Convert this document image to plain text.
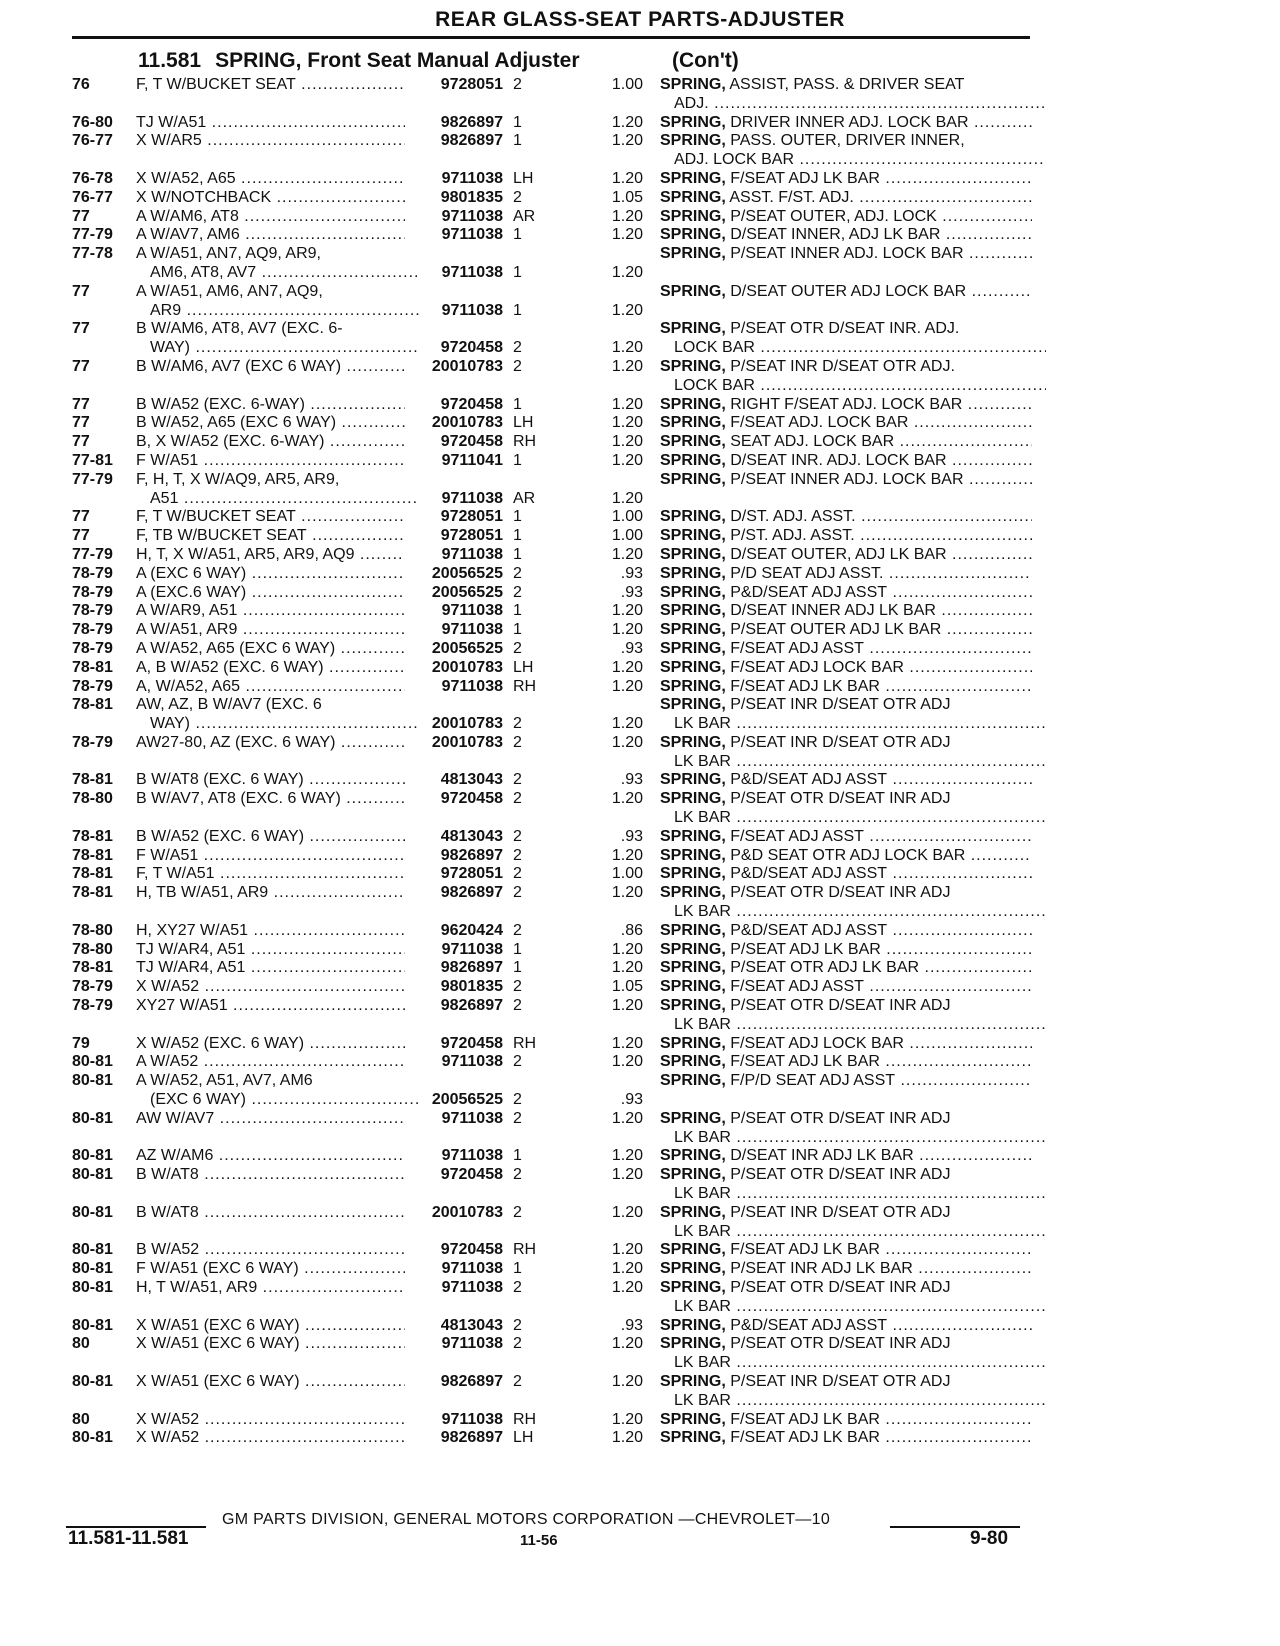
REAR GLASS-SEAT PARTS-ADJUSTER
11.581 SPRING, Front Seat Manual Adjuster	(Con't)
76	F, T W/BUCKET SEAT .....	9728051 2	1.00 SPRING, ASSIST, PASS. & DRIVER SEAT
ADJ. .....
76-80	TJ W/A51 .....	9826897 1	1.20 SPRING, DRIVER INNER ADJ. LOCK BAR .....
76-77	X W/AR5 .....	9826897 1	1.20 SPRING, PASS. OUTER, DRIVER INNER,
ADJ. LOCK BAR .....
76-78	X W/A52, A65 .....	9711038 LH	1.20 SPRING, F/SEAT ADJ LK BAR .....
76-77	X W/NOTCHBACK .....	9801835 2	1.05 SPRING, ASST. F/ST. ADJ. .....
77	A W/AM6, AT8 .....	9711038 AR	1.20 SPRING, P/SEAT OUTER, ADJ. LOCK .....
77-79	A W/AV7, AM6 .....	9711038 1	1.20 SPRING, D/SEAT INNER, ADJ LK BAR .....
77-78	A W/A51, AN7, AQ9, AR9,	SPRING, P/SEAT INNER ADJ. LOCK BAR .....
AM6, AT8, AV7 .....	9711038 1	1.20
77	A W/A51, AM6, AN7, AQ9,	SPRING, D/SEAT OUTER ADJ LOCK BAR .....
AR9 .....	9711038 1	1.20
77	B W/AM6, AT8, AV7 (EXC. 6-	SPRING, P/SEAT OTR D/SEAT INR. ADJ.
WAY) .....	9720458 2	1.20	LOCK BAR .....
77	B W/AM6, AV7 (EXC 6 WAY) .....	20010783 2	1.20 SPRING, P/SEAT INR D/SEAT OTR ADJ.
LOCK BAR .....
77	B W/A52 (EXC. 6-WAY) .....	9720458 1	1.20 SPRING, RIGHT F/SEAT ADJ. LOCK BAR .....
77	B W/A52, A65 (EXC 6 WAY) .....	20010783 LH	1.20 SPRING, F/SEAT ADJ. LOCK BAR .....
77	B, X W/A52 (EXC. 6-WAY) .....	9720458 RH	1.20 SPRING, SEAT ADJ. LOCK BAR .....
77-81	F W/A51 .....	9711041 1	1.20 SPRING, D/SEAT INR. ADJ. LOCK BAR .....
77-79	F, H, T, X W/AQ9, AR5, AR9,	SPRING, P/SEAT INNER ADJ. LOCK BAR .....
A51 .....	9711038 AR	1.20
77	F, T W/BUCKET SEAT .....	9728051 1	1.00 SPRING, D/ST. ADJ. ASST. .....
77	F, TB W/BUCKET SEAT .....	9728051 1	1.00 SPRING, P/ST. ADJ. ASST. .....
77-79	H, T, X W/A51, AR5, AR9, AQ9 .....	9711038 1	1.20 SPRING, D/SEAT OUTER, ADJ LK BAR .....
78-79	A (EXC 6 WAY) .....	20056525 2	.93 SPRING, P/D SEAT ADJ ASST. .....
78-79	A (EXC.6 WAY) .....	20056525 2	.93 SPRING, P&D/SEAT ADJ ASST .....
78-79	A W/AR9, A51 .....	9711038 1	1.20 SPRING, D/SEAT INNER ADJ LK BAR .....
78-79	A W/A51, AR9 .....	9711038 1	1.20 SPRING, P/SEAT OUTER ADJ LK BAR .....
78-79	A W/A52, A65 (EXC 6 WAY) .....	20056525 2	.93 SPRING, F/SEAT ADJ ASST .....
78-81	A, B W/A52 (EXC. 6 WAY) .....	20010783 LH	1.20 SPRING, F/SEAT ADJ LOCK BAR .....
78-79	A, W/A52, A65 .....	9711038 RH	1.20 SPRING, F/SEAT ADJ LK BAR .....
78-81	AW, AZ, B W/AV7 (EXC. 6	SPRING, P/SEAT INR D/SEAT OTR ADJ
WAY) .....	20010783 2	1.20	LK BAR .....
78-79	AW27-80, AZ (EXC. 6 WAY) .....	20010783 2	1.20 SPRING, P/SEAT INR D/SEAT OTR ADJ
LK BAR .....
78-81	B W/AT8 (EXC. 6 WAY) .....	4813043 2	.93 SPRING, P&D/SEAT ADJ ASST .....
78-80	B W/AV7, AT8 (EXC. 6 WAY) .....	9720458 2	1.20 SPRING, P/SEAT OTR D/SEAT INR ADJ
LK BAR .....
78-81	B W/A52 (EXC. 6 WAY) .....	4813043 2	.93 SPRING, F/SEAT ADJ ASST .....
78-81	F W/A51 .....	9826897 2	1.20 SPRING, P&D SEAT OTR ADJ LOCK BAR .....
78-81	F, T W/A51 .....	9728051 2	1.00 SPRING, P&D/SEAT ADJ ASST .....
78-81	H, TB W/A51, AR9 .....	9826897 2	1.20 SPRING, P/SEAT OTR D/SEAT INR ADJ
LK BAR .....
78-80	H, XY27 W/A51 .....	9620424 2	.86 SPRING, P&D/SEAT ADJ ASST .....
78-80	TJ W/AR4, A51 .....	9711038 1	1.20 SPRING, P/SEAT ADJ LK BAR .....
78-81	TJ W/AR4, A51 .....	9826897 1	1.20 SPRING, P/SEAT OTR ADJ LK BAR .....
78-79	X W/A52 .....	9801835 2	1.05 SPRING, F/SEAT ADJ ASST .....
78-79	XY27 W/A51 .....	9826897 2	1.20 SPRING, P/SEAT OTR D/SEAT INR ADJ
LK BAR .....
79	X W/A52 (EXC. 6 WAY) .....	9720458 RH	1.20 SPRING, F/SEAT ADJ LOCK BAR .....
80-81	A W/A52 .....	9711038 2	1.20 SPRING, F/SEAT ADJ LK BAR .....
80-81	A W/A52, A51, AV7, AM6	SPRING, F/P/D SEAT ADJ ASST .....
(EXC 6 WAY) .....	20056525 2	.93
80-81	AW W/AV7 .....	9711038 2	1.20 SPRING, P/SEAT OTR D/SEAT INR ADJ
LK BAR .....
80-81	AZ W/AM6 .....	9711038 1	1.20 SPRING, D/SEAT INR ADJ LK BAR .....
80-81	B W/AT8 .....	9720458 2	1.20 SPRING, P/SEAT OTR D/SEAT INR ADJ
LK BAR .....
80-81	B W/AT8 .....	20010783 2	1.20 SPRING, P/SEAT INR D/SEAT OTR ADJ
LK BAR .....
80-81	B W/A52 .....	9720458 RH	1.20 SPRING, F/SEAT ADJ LK BAR .....
80-81	F W/A51 (EXC 6 WAY) .....	9711038 1	1.20 SPRING, P/SEAT INR ADJ LK BAR .....
80-81	H, T W/A51, AR9 .....	9711038 2	1.20 SPRING, P/SEAT OTR D/SEAT INR ADJ
LK BAR .....
80-81	X W/A51 (EXC 6 WAY) .....	4813043 2	.93 SPRING, P&D/SEAT ADJ ASST .....
80	X W/A51 (EXC 6 WAY) .....	9711038 2	1.20 SPRING, P/SEAT OTR D/SEAT INR ADJ
LK BAR .....
80-81	X W/A51 (EXC 6 WAY) .....	9826897 2	1.20 SPRING, P/SEAT INR D/SEAT OTR ADJ
LK BAR .....
80	X W/A52 .....	9711038 RH	1.20 SPRING, F/SEAT ADJ LK BAR .....
80-81	X W/A52 .....	9826897 LH	1.20 SPRING, F/SEAT ADJ LK BAR .....
GM PARTS DIVISION, GENERAL MOTORS CORPORATION —CHEVROLET—10
11.581-11.581	11-56	9-80
